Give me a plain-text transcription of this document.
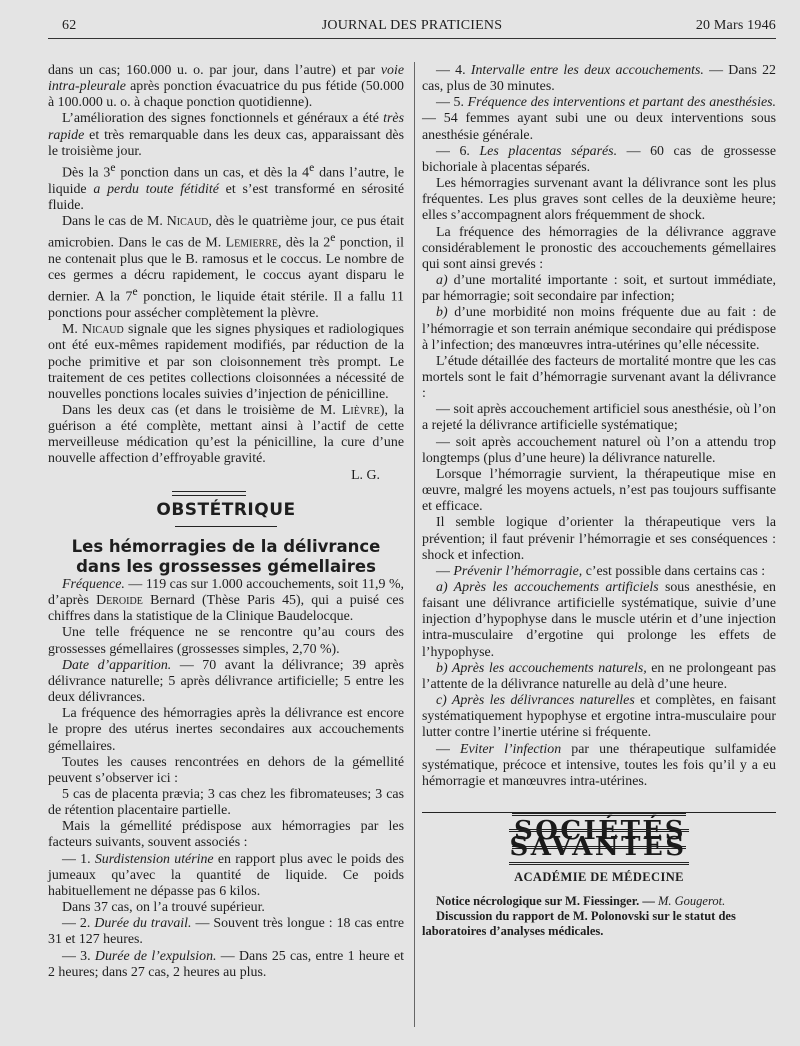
62	JOURNAL DES PRATICIENS	20 Mars 1946

dans un cas; 160.000 u. o. par jour, dans l’autre) et par voie intra-pleurale après ponction évacuatrice du pus fétide (50.000 à 100.000 u. o. à chaque ponction quotidienne).

L’amélioration des signes fonctionnels et généraux a été très rapide et très remarquable dans les deux cas, apparaissant dès le troisième jour.

Dès la 3e ponction dans un cas, et dès la 4e dans l’autre, le liquide a perdu toute fétidité et s’est transformé en sérosité fluide.

Dans le cas de M. Nicaud, dès le quatrième jour, ce pus était amicrobien. Dans le cas de M. Lemierre, dès la 2e ponction, il ne contenait plus que le B. ramosus et le coccus. Le nombre de ces germes a décru rapidement, le coccus ayant disparu le dernier. A la 7e ponction, le liquide était stérile. Il a fallu 11 ponctions pour assécher complètement la plèvre.

M. Nicaud signale que les signes physiques et radiologiques ont été eux-mêmes rapidement modifiés, par réduction de la poche primitive et par son cloisonnement très prompt. Le traitement de ces petites collections cloisonnées a nécessité de nouvelles ponctions locales suivies d’injection de pénicilline.

Dans les deux cas (et dans le troisième de M. Lièvre), la guérison a été complète, mettant ainsi à l’actif de cette merveilleuse médication qu’est la pénicilline, la cure d’une nouvelle affection d’effroyable gravité.

L. G.

OBSTÉTRIQUE

Les hémorragies de la délivrance
dans les grossesses gémellaires

Fréquence. — 119 cas sur 1.000 accouchements, soit 11,9 %, d’après Deroide Bernard (Thèse Paris 45), qui a puisé ces chiffres dans la statistique de la Clinique Baudelocque.

Une telle fréquence ne se rencontre qu’au cours des grossesses gémellaires (grossesses simples, 2,70 %).

Date d’apparition. — 70 avant la délivrance; 39 après délivrance naturelle; 5 après délivrance artificielle; 5 entre les deux délivrances.

La fréquence des hémorragies après la délivrance est encore le propre des utérus inertes secondaires aux accouchements gémellaires.

Toutes les causes rencontrées en dehors de la gémellité peuvent s’observer ici :

5 cas de placenta prævia; 3 cas chez les fibromateuses; 3 cas de rétention placentaire partielle.

Mais la gémellité prédispose aux hémorragies par les facteurs suivants, souvent associés :

— 1. Surdistension utérine en rapport plus avec le poids des jumeaux qu’avec la quantité de liquide. Ce poids habituellement ne dépasse pas 6 kilos.

Dans 37 cas, on l’a trouvé supérieur.

— 2. Durée du travail. — Souvent très longue : 18 cas entre 31 et 127 heures.

— 3. Durée de l’expulsion. — Dans 25 cas, entre 1 heure et 2 heures; dans 27 cas, 2 heures au plus.

— 4. Intervalle entre les deux accouchements. — Dans 22 cas, plus de 30 minutes.

— 5. Fréquence des interventions et partant des anesthésies. — 54 femmes ayant subi une ou deux interventions sous anesthésie générale.

— 6. Les placentas séparés. — 60 cas de grossesse bichoriale à placentas séparés.

Les hémorragies survenant avant la délivrance sont les plus fréquentes. Les plus graves sont celles de la deuxième heure; elles s’accompagnent alors fréquemment de shock.

La fréquence des hémorragies de la délivrance aggrave considérablement le pronostic des accouchements gémellaires qui sont ainsi grevés :

a) d’une mortalité importante : soit, et surtout immédiate, par hémorragie; soit secondaire par infection;

b) d’une morbidité non moins fréquente due au fait : de l’hémorragie et son terrain anémique secondaire qui prédispose à l’infection; des manœuvres intra-utérines qu’elle nécessite.

L’étude détaillée des facteurs de mortalité montre que les cas mortels sont le fait d’hémorragie survenant avant la délivrance :

— soit après accouchement artificiel sous anesthésie, où l’on a rejeté la délivrance artificielle systématique;

— soit après accouchement naturel où l’on a attendu trop longtemps (plus d’une heure) la délivrance naturelle.

Lorsque l’hémorragie survient, la thérapeutique mise en œuvre, malgré les moyens actuels, n’est pas toujours suffisante et efficace.

Il semble logique d’orienter la thérapeutique vers la prévention; il faut prévenir l’hémorragie et ses conséquences : shock et infection.

— Prévenir l’hémorragie, c’est possible dans certains cas :

a) Après les accouchements artificiels sous anesthésie, en faisant une délivrance artificielle systématique, suivie d’une injection d’hypophyse dans le muscle utérin et d’une injection intra-musculaire d’ergotine qui prolonge les effets de l’hypophyse.

b) Après les accouchements naturels, en ne prolongeant pas l’attente de la délivrance naturelle au delà d’une heure.

c) Après les délivrances naturelles et complètes, en faisant systématiquement hypophyse et ergotine intra-musculaire pour lutter contre l’inertie utérine si fréquente.

— Eviter l’infection par une thérapeutique sulfamidée systématique, précoce et intensive, toutes les fois qu’il y a eu hémorragie et manœuvres intra-utérines.

SOCIÉTÉS SAVANTES
ACADÉMIE DE MÉDECINE

Notice nécrologique sur M. Fiessinger. — M. Gougerot.

Discussion du rapport de M. Polonovski sur le statut des laboratoires d’analyses médicales.
